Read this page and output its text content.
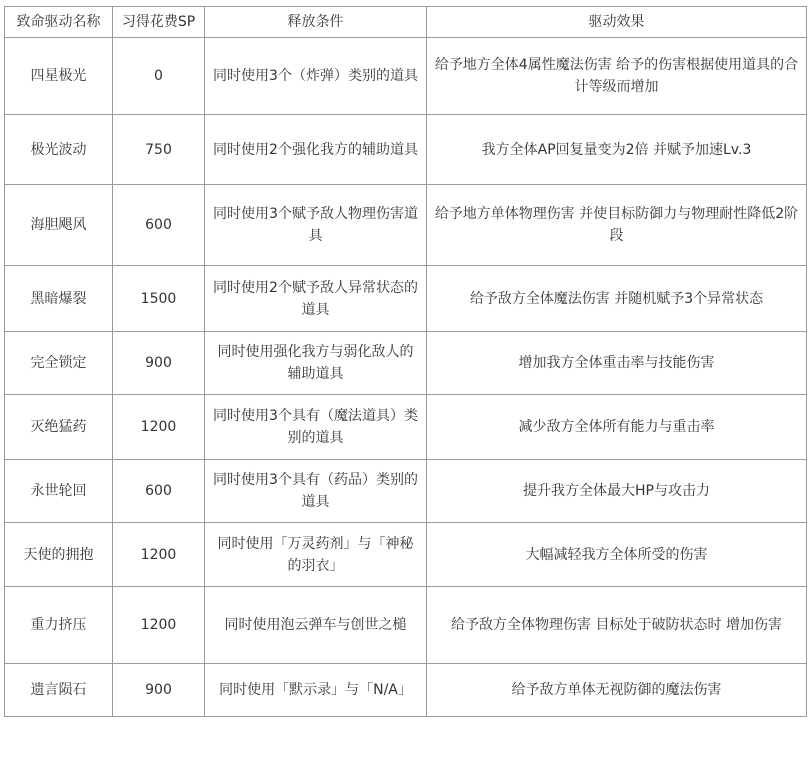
致命驱动名称	习得花费SP	释放条件	驱动效果
四星极光	0	同时使用3个（炸弹）类别的道具	给予地方全体4属性魔法伤害 给予的伤害根据使用道具的合计等级而增加
极光波动	750	同时使用2个强化我方的辅助道具	我方全体AP回复量变为2倍 并赋予加速Lv.3
海胆飓风	600	同时使用3个赋予敌人物理伤害道具	给予地方单体物理伤害 并使目标防御力与物理耐性降低2阶段
黑暗爆裂	1500	同时使用2个赋予敌人异常状态的道具	给予敌方全体魔法伤害 并随机赋予3个异常状态
完全锁定	900	同时使用强化我方与弱化敌人的辅助道具	增加我方全体重击率与技能伤害
灭绝猛药	1200	同时使用3个具有（魔法道具）类别的道具	减少敌方全体所有能力与重击率
永世轮回	600	同时使用3个具有（药品）类别的道具	提升我方全体最大HP与攻击力
天使的拥抱	1200	同时使用「万灵药剂」与「神秘的羽衣」	大幅减轻我方全体所受的伤害
重力挤压	1200	同时使用泡云弹车与创世之槌	给予敌方全体物理伤害 目标处于破防状态时 增加伤害
遗言陨石	900	同时使用「默示录」与「N/A」	给予敌方单体无视防御的魔法伤害
